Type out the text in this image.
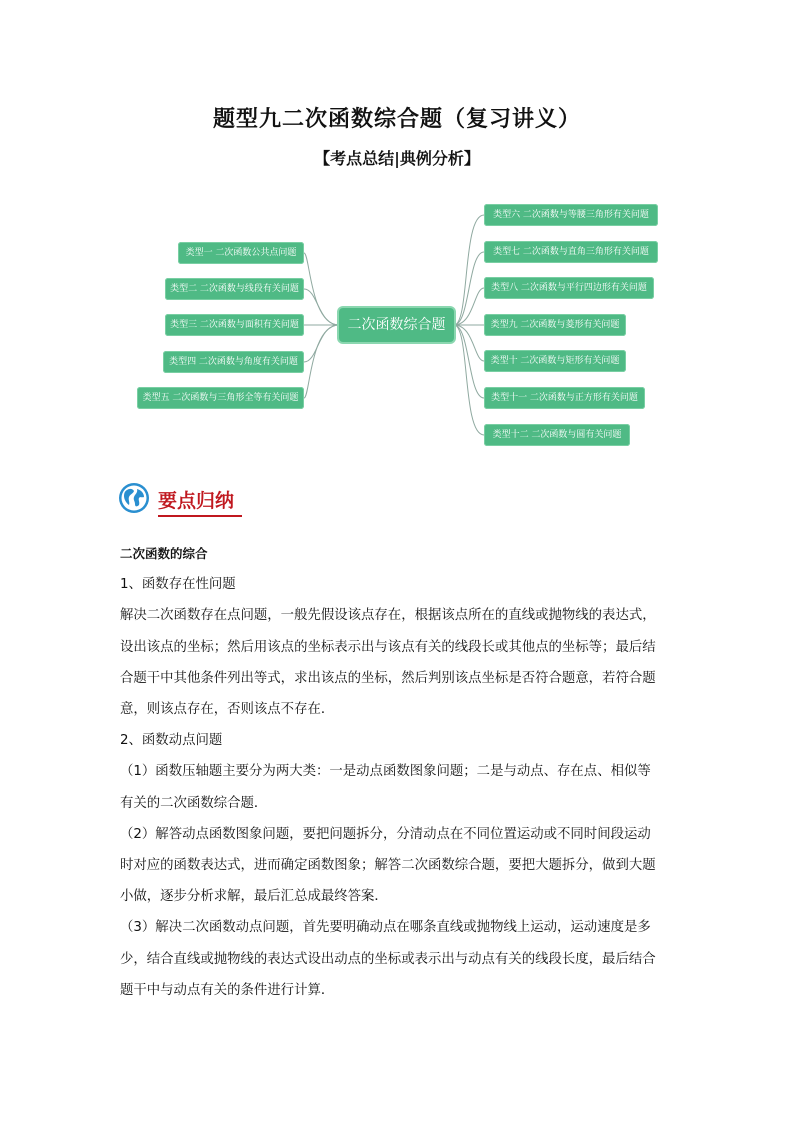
题型九二次函数综合题（复习讲义）
【考点总结|典例分析】
二次函数综合题
类型一 二次函数公共点问题
类型二 二次函数与线段有关问题
类型三 二次函数与面积有关问题
类型四 二次函数与角度有关问题
类型五 二次函数与三角形全等有关问题
类型六 二次函数与等腰三角形有关问题
类型七 二次函数与直角三角形有关问题
类型八 二次函数与平行四边形有关问题
类型九 二次函数与菱形有关问题
类型十 二次函数与矩形有关问题
类型十一 二次函数与正方形有关问题
类型十二 二次函数与圆有关问题
要点归纳

二次函数的综合

1、函数存在性问题

解决二次函数存在点问题，一般先假设该点存在，根据该点所在的直线或抛物线的表达式，

设出该点的坐标；然后用该点的坐标表示出与该点有关的线段长或其他点的坐标等；最后结

合题干中其他条件列出等式，求出该点的坐标，然后判别该点坐标是否符合题意，若符合题

意，则该点存在，否则该点不存在．

2、函数动点问题

（1）函数压轴题主要分为两大类：一是动点函数图象问题；二是与动点、存在点、相似等

有关的二次函数综合题．

（2）解答动点函数图象问题，要把问题拆分，分清动点在不同位置运动或不同时间段运动

时对应的函数表达式，进而确定函数图象；解答二次函数综合题，要把大题拆分，做到大题

小做，逐步分析求解，最后汇总成最终答案．

（3）解决二次函数动点问题，首先要明确动点在哪条直线或抛物线上运动，运动速度是多

少，结合直线或抛物线的表达式设出动点的坐标或表示出与动点有关的线段长度，最后结合

题干中与动点有关的条件进行计算．
